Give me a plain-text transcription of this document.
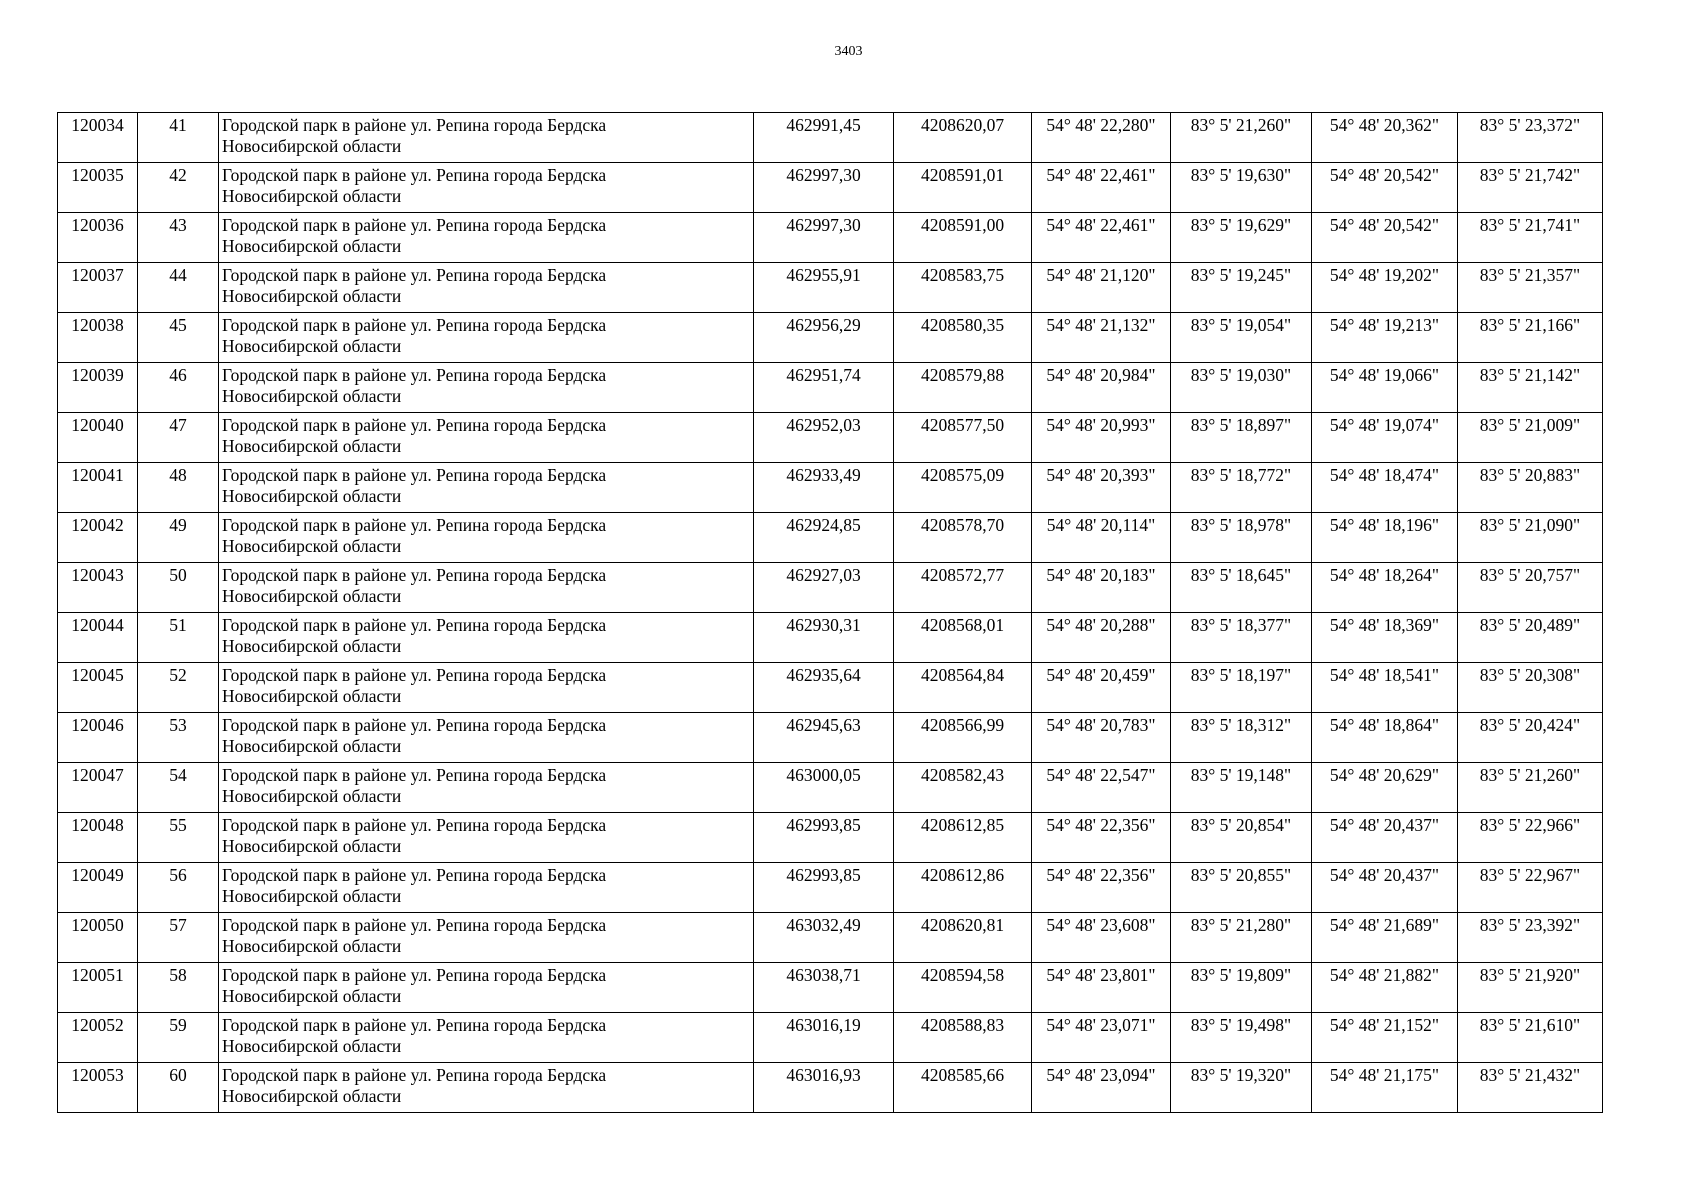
3403
120034	41	Городской парк в районе ул. Репина города Бердска
Новосибирской области	462991,45	4208620,07	54° 48' 22,280"	83° 5' 21,260"	54° 48' 20,362"	83° 5' 23,372"

120035	42	Городской парк в районе ул. Репина города Бердска
Новосибирской области	462997,30	4208591,01	54° 48' 22,461"	83° 5' 19,630"	54° 48' 20,542"	83° 5' 21,742"

120036	43	Городской парк в районе ул. Репина города Бердска
Новосибирской области	462997,30	4208591,00	54° 48' 22,461"	83° 5' 19,629"	54° 48' 20,542"	83° 5' 21,741"

120037	44	Городской парк в районе ул. Репина города Бердска
Новосибирской области	462955,91	4208583,75	54° 48' 21,120"	83° 5' 19,245"	54° 48' 19,202"	83° 5' 21,357"

120038	45	Городской парк в районе ул. Репина города Бердска
Новосибирской области	462956,29	4208580,35	54° 48' 21,132"	83° 5' 19,054"	54° 48' 19,213"	83° 5' 21,166"

120039	46	Городской парк в районе ул. Репина города Бердска
Новосибирской области	462951,74	4208579,88	54° 48' 20,984"	83° 5' 19,030"	54° 48' 19,066"	83° 5' 21,142"

120040	47	Городской парк в районе ул. Репина города Бердска
Новосибирской области	462952,03	4208577,50	54° 48' 20,993"	83° 5' 18,897"	54° 48' 19,074"	83° 5' 21,009"

120041	48	Городской парк в районе ул. Репина города Бердска
Новосибирской области	462933,49	4208575,09	54° 48' 20,393"	83° 5' 18,772"	54° 48' 18,474"	83° 5' 20,883"

120042	49	Городской парк в районе ул. Репина города Бердска
Новосибирской области	462924,85	4208578,70	54° 48' 20,114"	83° 5' 18,978"	54° 48' 18,196"	83° 5' 21,090"

120043	50	Городской парк в районе ул. Репина города Бердска
Новосибирской области	462927,03	4208572,77	54° 48' 20,183"	83° 5' 18,645"	54° 48' 18,264"	83° 5' 20,757"

120044	51	Городской парк в районе ул. Репина города Бердска
Новосибирской области	462930,31	4208568,01	54° 48' 20,288"	83° 5' 18,377"	54° 48' 18,369"	83° 5' 20,489"

120045	52	Городской парк в районе ул. Репина города Бердска
Новосибирской области	462935,64	4208564,84	54° 48' 20,459"	83° 5' 18,197"	54° 48' 18,541"	83° 5' 20,308"

120046	53	Городской парк в районе ул. Репина города Бердска
Новосибирской области	462945,63	4208566,99	54° 48' 20,783"	83° 5' 18,312"	54° 48' 18,864"	83° 5' 20,424"

120047	54	Городской парк в районе ул. Репина города Бердска
Новосибирской области	463000,05	4208582,43	54° 48' 22,547"	83° 5' 19,148"	54° 48' 20,629"	83° 5' 21,260"

120048	55	Городской парк в районе ул. Репина города Бердска
Новосибирской области	462993,85	4208612,85	54° 48' 22,356"	83° 5' 20,854"	54° 48' 20,437"	83° 5' 22,966"

120049	56	Городской парк в районе ул. Репина города Бердска
Новосибирской области	462993,85	4208612,86	54° 48' 22,356"	83° 5' 20,855"	54° 48' 20,437"	83° 5' 22,967"

120050	57	Городской парк в районе ул. Репина города Бердска
Новосибирской области	463032,49	4208620,81	54° 48' 23,608"	83° 5' 21,280"	54° 48' 21,689"	83° 5' 23,392"

120051	58	Городской парк в районе ул. Репина города Бердска
Новосибирской области	463038,71	4208594,58	54° 48' 23,801"	83° 5' 19,809"	54° 48' 21,882"	83° 5' 21,920"

120052	59	Городской парк в районе ул. Репина города Бердска
Новосибирской области	463016,19	4208588,83	54° 48' 23,071"	83° 5' 19,498"	54° 48' 21,152"	83° 5' 21,610"

120053	60	Городской парк в районе ул. Репина города Бердска
Новосибирской области	463016,93	4208585,66	54° 48' 23,094"	83° 5' 19,320"	54° 48' 21,175"	83° 5' 21,432"
